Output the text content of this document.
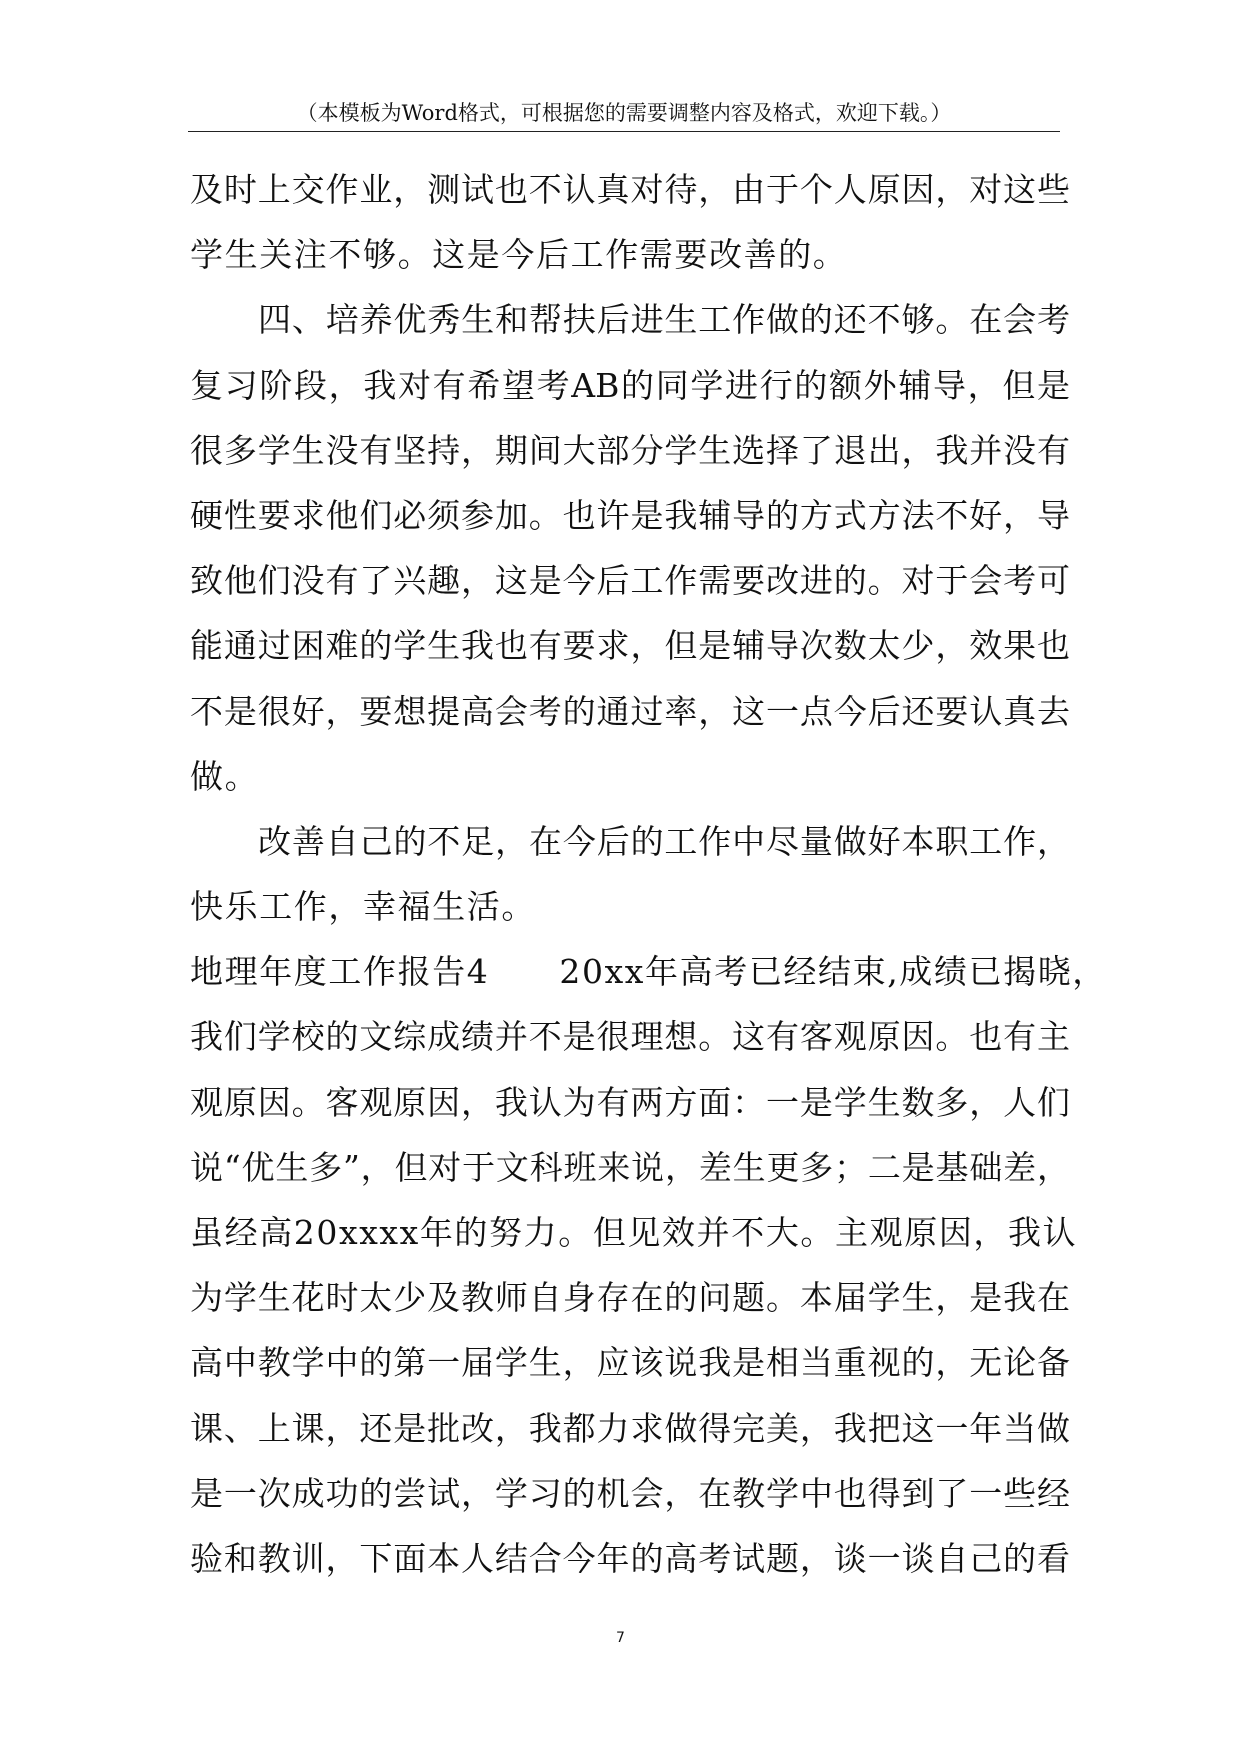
（本模板为Word格式，可根据您的需要调整内容及格式，欢迎下载。）
及时上交作业，测试也不认真对待，由于个人原因，对这些
学生关注不够。这是今后工作需要改善的。
四、培养优秀生和帮扶后进生工作做的还不够。在会考
复习阶段，我对有希望考AB的同学进行的额外辅导，但是
很多学生没有坚持，期间大部分学生选择了退出，我并没有
硬性要求他们必须参加。也许是我辅导的方式方法不好，导
致他们没有了兴趣，这是今后工作需要改进的。对于会考可
能通过困难的学生我也有要求，但是辅导次数太少，效果也
不是很好，要想提高会考的通过率，这一点今后还要认真去
做。
改善自己的不足，在今后的工作中尽量做好本职工作，
快乐工作，幸福生活。
地理年度工作报告4 20xx年高考已经结束,成绩已揭晓，
我们学校的文综成绩并不是很理想。这有客观原因。也有主
观原因。客观原因，我认为有两方面：一是学生数多，人们
说“优生多”，但对于文科班来说，差生更多；二是基础差，
虽经高20xxxx年的努力。但见效并不大。主观原因，我认
为学生花时太少及教师自身存在的问题。本届学生，是我在
高中教学中的第一届学生，应该说我是相当重视的，无论备
课、上课，还是批改，我都力求做得完美，我把这一年当做
是一次成功的尝试，学习的机会，在教学中也得到了一些经
验和教训，下面本人结合今年的高考试题，谈一谈自己的看
7
